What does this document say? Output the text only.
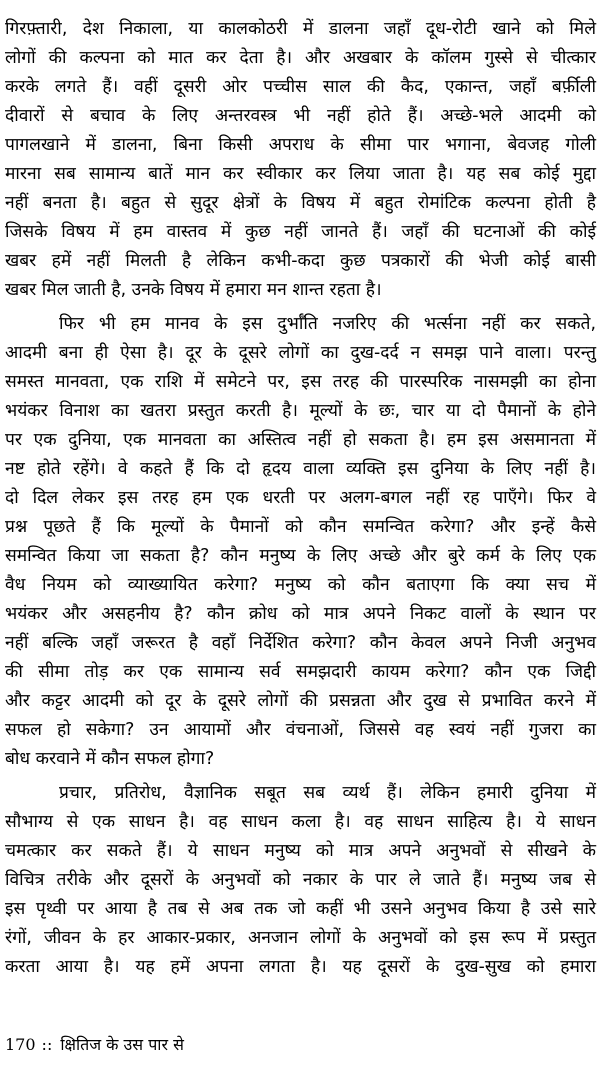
गिरफ़्तारी, देश निकाला, या कालकोठरी में डालना जहाँ दूध-रोटी खाने को मिले
लोगों की कल्पना को मात कर देता है। और अखबार के कॉलम गुस्से से चीत्कार
करके लगते हैं। वहीं दूसरी ओर पच्चीस साल की कैद, एकान्त, जहाँ बर्फ़ीली
दीवारों से बचाव के लिए अन्तरवस्त्र भी नहीं होते हैं। अच्छे-भले आदमी को
पागलखाने में डालना, बिना किसी अपराध के सीमा पार भगाना, बेवजह गोली
मारना सब सामान्य बातें मान कर स्वीकार कर लिया जाता है। यह सब कोई मुद्दा
नहीं बनता है। बहुत से सुदूर क्षेत्रों के विषय में बहुत रोमांटिक कल्पना होती है
जिसके विषय में हम वास्तव में कुछ नहीं जानते हैं। जहाँ की घटनाओं की कोई
खबर हमें नहीं मिलती है लेकिन कभी-कदा कुछ पत्रकारों की भेजी कोई बासी
खबर मिल जाती है, उनके विषय में हमारा मन शान्त रहता है।
फिर भी हम मानव के इस दुर्भाँति नजरिए की भर्त्सना नहीं कर सकते,
आदमी बना ही ऐसा है। दूर के दूसरे लोगों का दुख-दर्द न समझ पाने वाला। परन्तु
समस्त मानवता, एक राशि में समेटने पर, इस तरह की पारस्परिक नासमझी का होना
भयंकर विनाश का खतरा प्रस्तुत करती है। मूल्यों के छः, चार या दो पैमानों के होने
पर एक दुनिया, एक मानवता का अस्तित्व नहीं हो सकता है। हम इस असमानता में
नष्ट होते रहेंगे। वे कहते हैं कि दो हृदय वाला व्यक्ति इस दुनिया के लिए नहीं है।
दो दिल लेकर इस तरह हम एक धरती पर अलग-बगल नहीं रह पाएँगे। फिर वे
प्रश्न पूछते हैं कि मूल्यों के पैमानों को कौन समन्वित करेगा? और इन्हें कैसे
समन्वित किया जा सकता है? कौन मनुष्य के लिए अच्छे और बुरे कर्म के लिए एक
वैध नियम को व्याख्यायित करेगा? मनुष्य को कौन बताएगा कि क्या सच में
भयंकर और असहनीय है? कौन क्रोध को मात्र अपने निकट वालों के स्थान पर
नहीं बल्कि जहाँ जरूरत है वहाँ निर्देशित करेगा? कौन केवल अपने निजी अनुभव
की सीमा तोड़ कर एक सामान्य सर्व समझदारी कायम करेगा? कौन एक जिद्दी
और कट्टर आदमी को दूर के दूसरे लोगों की प्रसन्नता और दुख से प्रभावित करने में
सफल हो सकेगा? उन आयामों और वंचनाओं, जिससे वह स्वयं नहीं गुजरा का
बोध करवाने में कौन सफल होगा?
प्रचार, प्रतिरोध, वैज्ञानिक सबूत सब व्यर्थ हैं। लेकिन हमारी दुनिया में
सौभाग्य से एक साधन है। वह साधन कला है। वह साधन साहित्य है। ये साधन
चमत्कार कर सकते हैं। ये साधन मनुष्य को मात्र अपने अनुभवों से सीखने के
विचित्र तरीके और दूसरों के अनुभवों को नकार के पार ले जाते हैं। मनुष्य जब से
इस पृथ्वी पर आया है तब से अब तक जो कहीं भी उसने अनुभव किया है उसे सारे
रंगों, जीवन के हर आकार-प्रकार, अनजान लोगों के अनुभवों को इस रूप में प्रस्तुत
करता आया है। यह हमें अपना लगता है। यह दूसरों के दुख-सुख को हमारा
170 :: क्षितिज के उस पार से
